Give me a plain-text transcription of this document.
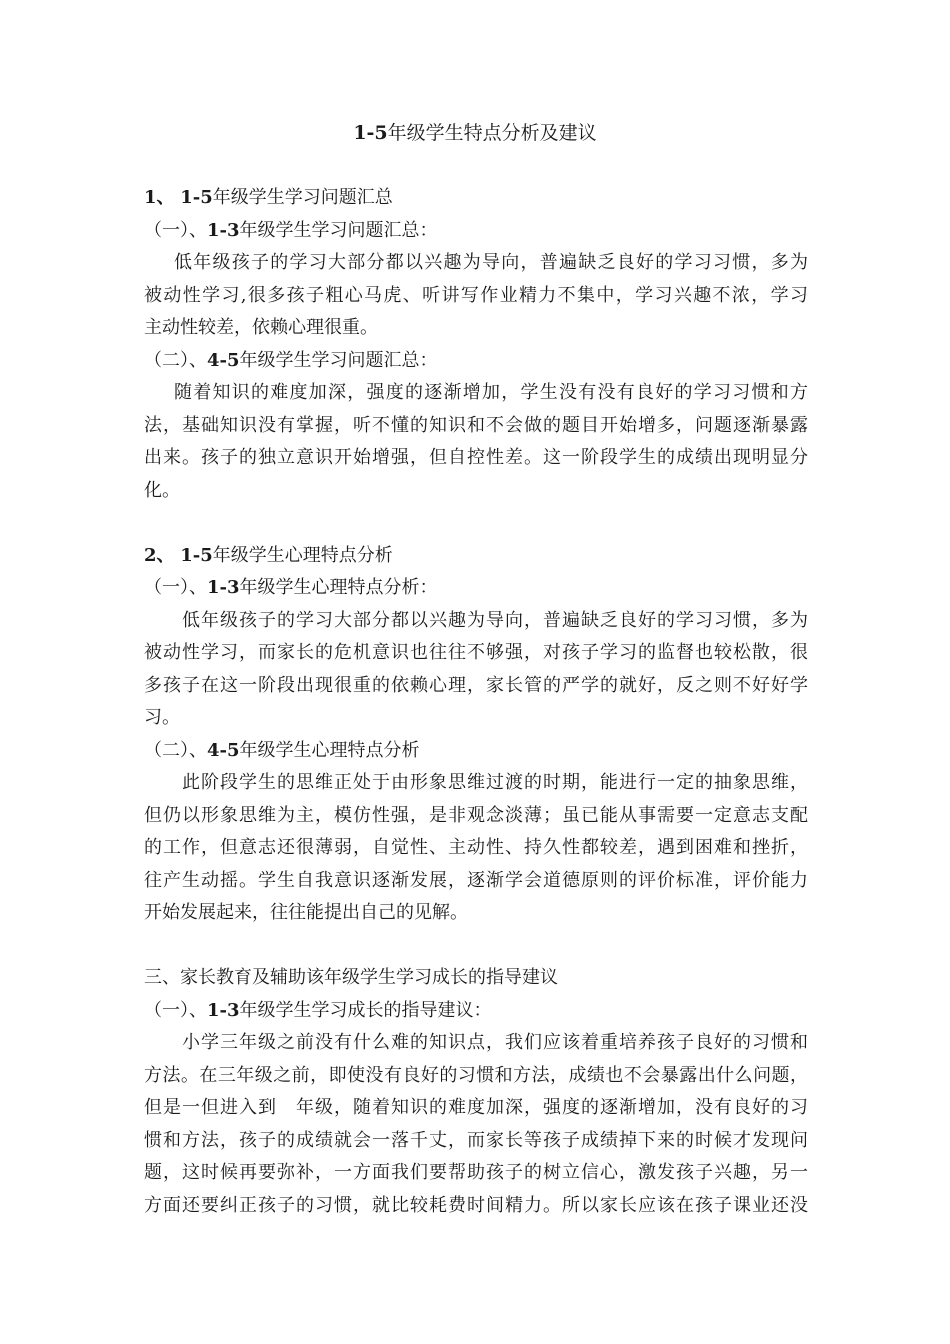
1-5年级学生特点分析及建议
1、 1-5年级学生学习问题汇总
（一）、1-3年级学生学习问题汇总：
低年级孩子的学习大部分都以兴趣为导向，普遍缺乏良好的学习习惯，多为
被动性学习,很多孩子粗心马虎、听讲写作业精力不集中，学习兴趣不浓，学习
主动性较差，依赖心理很重。
（二）、4-5年级学生学习问题汇总：
随着知识的难度加深，强度的逐渐增加，学生没有没有良好的学习习惯和方
法，基础知识没有掌握，听不懂的知识和不会做的题目开始增多，问题逐渐暴露
出来。孩子的独立意识开始增强，但自控性差。这一阶段学生的成绩出现明显分
化。
2、 1-5年级学生心理特点分析
（一）、1-3年级学生心理特点分析：
低年级孩子的学习大部分都以兴趣为导向，普遍缺乏良好的学习习惯，多为
被动性学习，而家长的危机意识也往往不够强，对孩子学习的监督也较松散，很
多孩子在这一阶段出现很重的依赖心理，家长管的严学的就好，反之则不好好学
习。
（二）、4-5年级学生心理特点分析
此阶段学生的思维正处于由形象思维过渡的时期，能进行一定的抽象思维，
但仍以形象思维为主，模仿性强，是非观念淡薄；虽已能从事需要一定意志支配
的工作，但意志还很薄弱，自觉性、主动性、持久性都较差，遇到困难和挫折，
往产生动摇。学生自我意识逐渐发展，逐渐学会道德原则的评价标准，评价能力
开始发展起来，往往能提出自己的见解。
三、家长教育及辅助该年级学生学习成长的指导建议
（一）、1-3年级学生学习成长的指导建议：
小学三年级之前没有什么难的知识点，我们应该着重培养孩子良好的习惯和
方法。在三年级之前，即使没有良好的习惯和方法，成绩也不会暴露出什么问题，
但是一但进入到　年级，随着知识的难度加深，强度的逐渐增加，没有良好的习
惯和方法，孩子的成绩就会一落千丈，而家长等孩子成绩掉下来的时候才发现问
题，这时候再要弥补，一方面我们要帮助孩子的树立信心，激发孩子兴趣，另一
方面还要纠正孩子的习惯，就比较耗费时间精力。所以家长应该在孩子课业还没
